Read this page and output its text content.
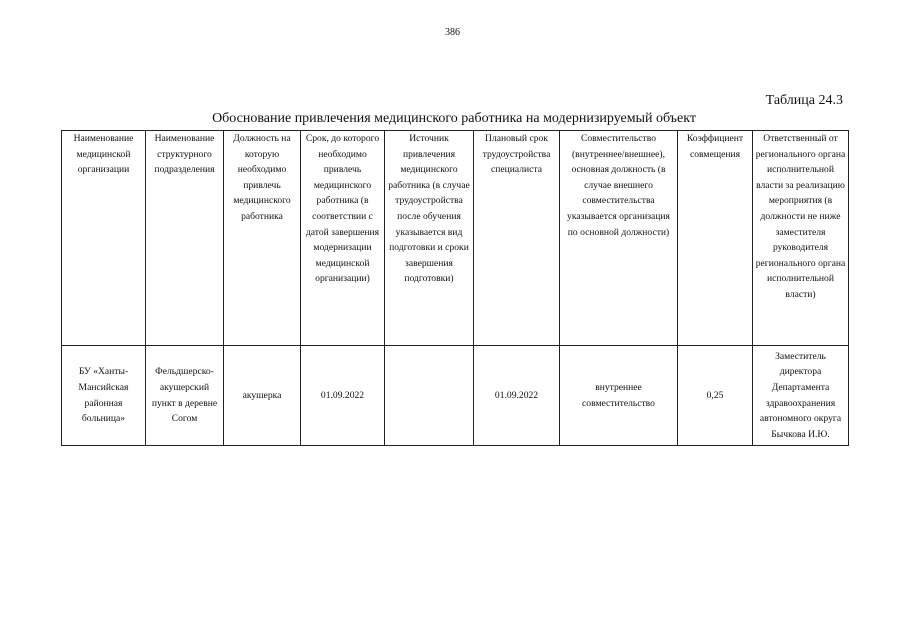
386
Таблица 24.3
Обоснование привлечения медицинского работника на модернизируемый объект
Наименование медицинской организации	Наименование структурного подразделения	Должность на которую необходимо привлечь медицинского работника	Срок, до которого необходимо привлечь медицинского работника (в соответствии с датой завершения модернизации медицинской организации)	Источник привлечения медицинского работника (в случае трудоустройства после обучения указывается вид подготовки и сроки завершения подготовки)	Плановый срок трудоустройства специалиста	Совместительство (внутреннее/внешнее), основная должность (в случае внешнего совместительства указывается организация по основной должности)	Коэффициент совмещения	Ответственный от регионального органа исполнительной власти за реализацию мероприятия (в должности не ниже заместителя руководителя регионального органа исполнительной власти)
БУ «Ханты-Мансийская районная больница»	Фельдшерско-акушерский пункт в деревне Согом	акушерка	01.09.2022		01.09.2022	внутреннее совместительство	0,25	Заместитель директора Департамента здравоохранения автономного округа Бычкова И.Ю.
